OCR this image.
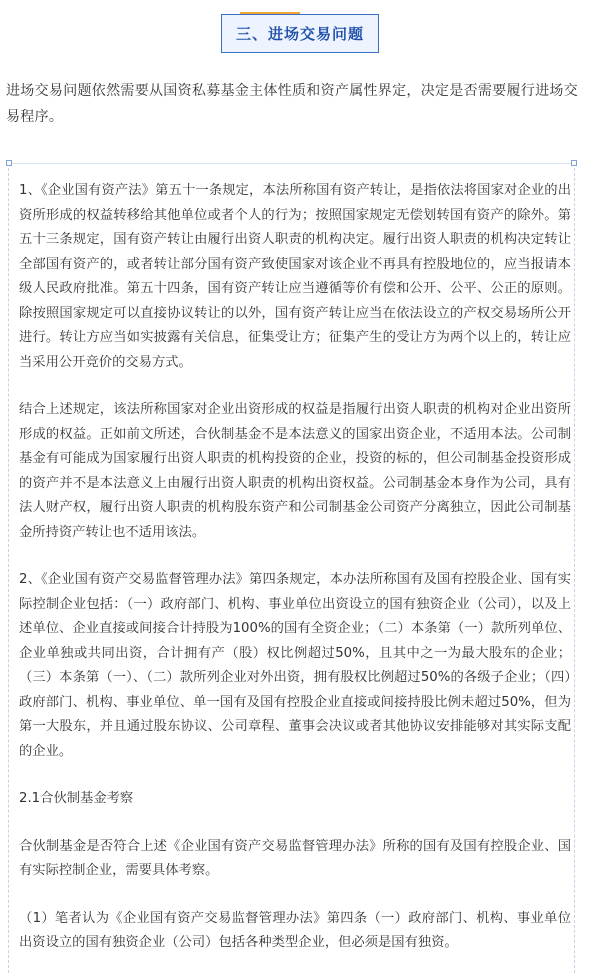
三、进场交易问题

进场交易问题依然需要从国资私募基金主体性质和资产属性界定，决定是否需要履行进场交易程序。

1、《企业国有资产法》第五十一条规定，本法所称国有资产转让，是指依法将国家对企业的出资所形成的权益转移给其他单位或者个人的行为；按照国家规定无偿划转国有资产的除外。第五十三条规定，国有资产转让由履行出资人职责的机构决定。履行出资人职责的机构决定转让全部国有资产的，或者转让部分国有资产致使国家对该企业不再具有控股地位的，应当报请本级人民政府批准。第五十四条，国有资产转让应当遵循等价有偿和公开、公平、公正的原则。除按照国家规定可以直接协议转让的以外，国有资产转让应当在依法设立的产权交易场所公开进行。转让方应当如实披露有关信息，征集受让方；征集产生的受让方为两个以上的，转让应当采用公开竞价的交易方式。

结合上述规定，该法所称国家对企业出资形成的权益是指履行出资人职责的机构对企业出资所形成的权益。正如前文所述，合伙制基金不是本法意义的国家出资企业，不适用本法。公司制基金有可能成为国家履行出资人职责的机构投资的企业，投资的标的，但公司制基金投资形成的资产并不是本法意义上由履行出资人职责的机构出资权益。公司制基金本身作为公司，具有法人财产权，履行出资人职责的机构股东资产和公司制基金公司资产分离独立，因此公司制基金所持资产转让也不适用该法。

2、《企业国有资产交易监督管理办法》第四条规定，本办法所称国有及国有控股企业、国有实际控制企业包括：（一）政府部门、机构、事业单位出资设立的国有独资企业（公司），以及上述单位、企业直接或间接合计持股为100%的国有全资企业；（二）本条第（一）款所列单位、企业单独或共同出资，合计拥有产（股）权比例超过50%，且其中之一为最大股东的企业；（三）本条第（一）、（二）款所列企业对外出资，拥有股权比例超过50%的各级子企业；（四）政府部门、机构、事业单位、单一国有及国有控股企业直接或间接持股比例未超过50%，但为第一大股东，并且通过股东协议、公司章程、董事会决议或者其他协议安排能够对其实际支配的企业。

2.1合伙制基金考察

合伙制基金是否符合上述《企业国有资产交易监督管理办法》所称的国有及国有控股企业、国有实际控制企业，需要具体考察。

（1）笔者认为《企业国有资产交易监督管理办法》第四条（一）政府部门、机构、事业单位出资设立的国有独资企业（公司）包括各种类型企业，但必须是国有独资。
